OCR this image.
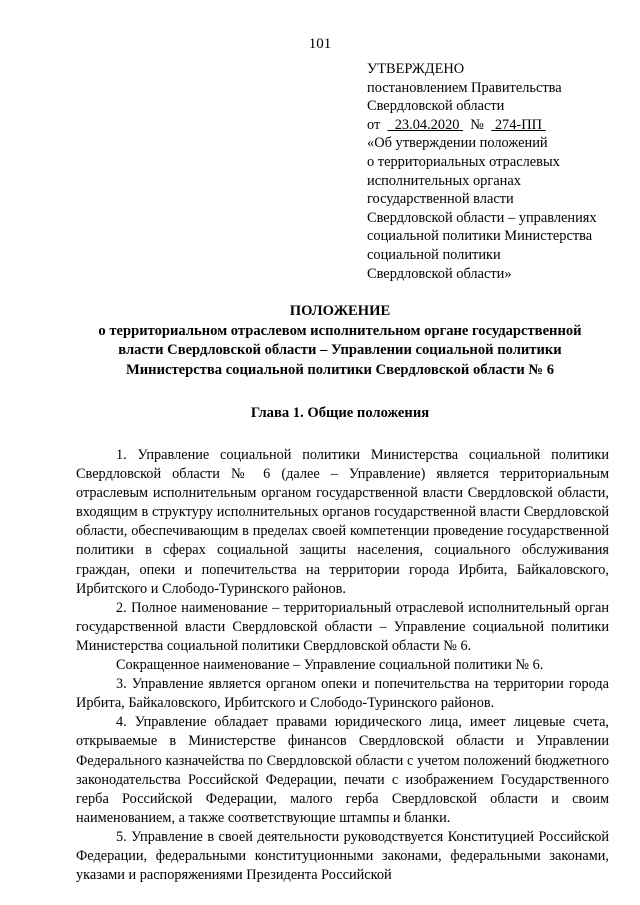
101
УТВЕРЖДЕНО
постановлением Правительства
Свердловской области
от 23.04.2020 № 274-ПП
«Об утверждении положений
о территориальных отраслевых
исполнительных органах
государственной власти
Свердловской области – управлениях
социальной политики Министерства
социальной политики
Свердловской области»
ПОЛОЖЕНИЕ
о территориальном отраслевом исполнительном органе государственной
власти Свердловской области – Управлении социальной политики
Министерства социальной политики Свердловской области № 6
Глава 1. Общие положения

1. Управление социальной политики Министерства социальной политики Свердловской области № 6 (далее – Управление) является территориальным отраслевым исполнительным органом государственной власти Свердловской области, входящим в структуру исполнительных органов государственной власти Свердловской области, обеспечивающим в пределах своей компетенции проведение государственной политики в сферах социальной защиты населения, социального обслуживания граждан, опеки и попечительства на территории города Ирбита, Байкаловского, Ирбитского и Слободо-Туринского районов.

2. Полное наименование – территориальный отраслевой исполнительный орган государственной власти Свердловской области – Управление социальной политики Министерства социальной политики Свердловской области № 6.

Сокращенное наименование – Управление социальной политики № 6.

3. Управление является органом опеки и попечительства на территории города Ирбита, Байкаловского, Ирбитского и Слободо-Туринского районов.

4. Управление обладает правами юридического лица, имеет лицевые счета, открываемые в Министерстве финансов Свердловской области и Управлении Федерального казначейства по Свердловской области с учетом положений бюджетного законодательства Российской Федерации, печати с изображением Государственного герба Российской Федерации, малого герба Свердловской области и своим наименованием, а также соответствующие штампы и бланки.

5. Управление в своей деятельности руководствуется Конституцией Российской Федерации, федеральными конституционными законами, федеральными законами, указами и распоряжениями Президента Российской
